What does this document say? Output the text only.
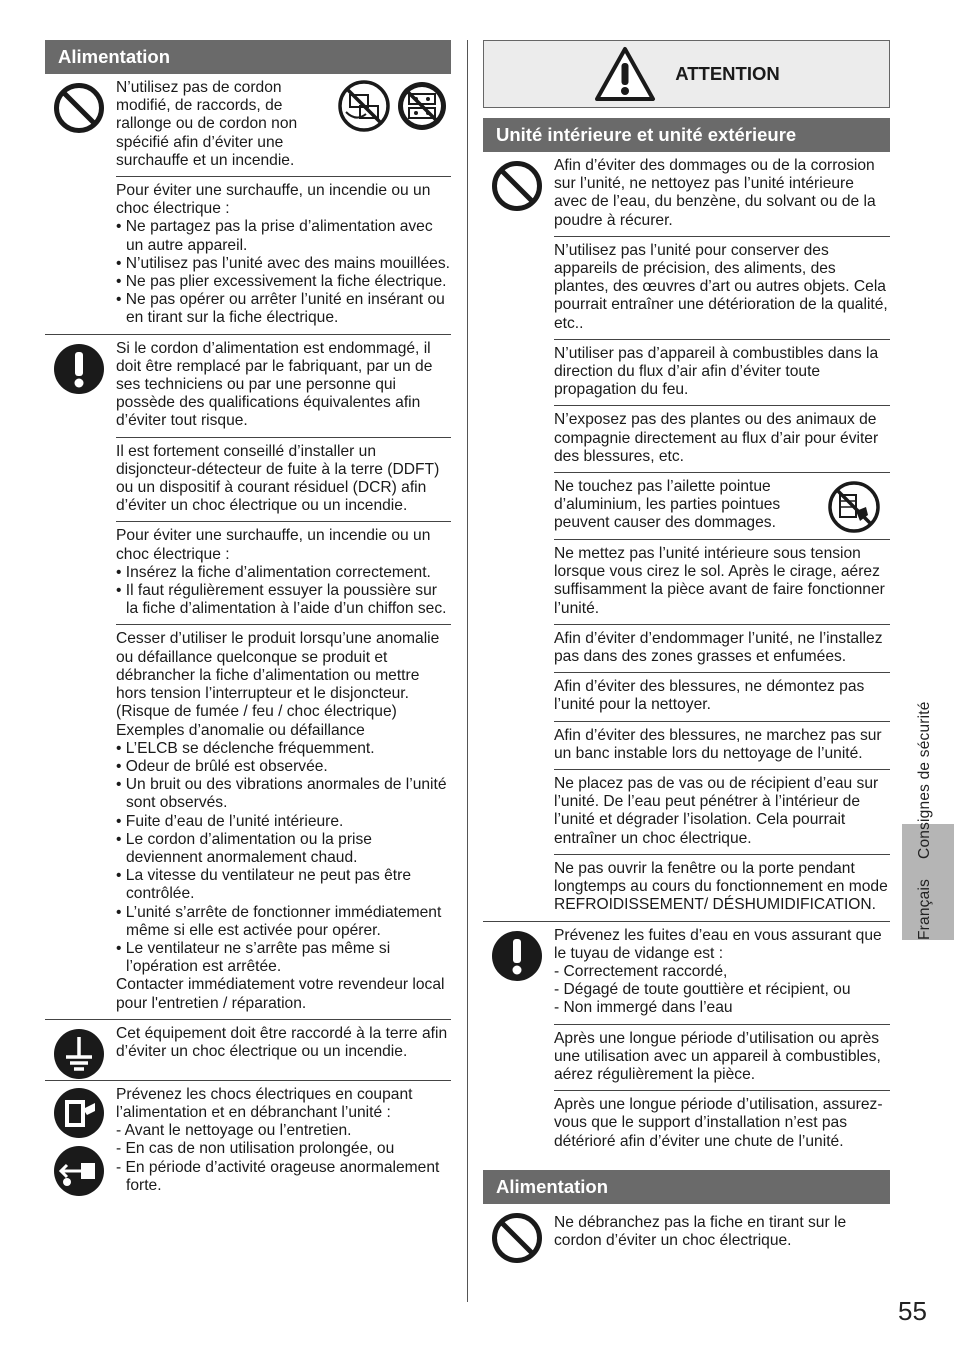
Alimentation
N’utilisez pas de cordon modifié, de raccords, de rallonge ou de cordon non spécifié afin d’éviter une surchauffe et un incendie.
Pour éviter une surchauffe, un incendie ou un choc électrique :
• Ne partagez pas la prise d’alimentation avec un autre appareil.
• N’utilisez pas l’unité avec des mains mouillées.
• Ne pas plier excessivement la fiche électrique.
• Ne pas opérer ou arrêter l’unité en insérant ou en tirant sur la fiche électrique.
Si le cordon d’alimentation est endommagé, il doit être remplacé par le fabriquant, par un de ses techniciens ou par une personne qui possède des qualifications équivalentes afin d’éviter tout risque.
Il est fortement conseillé d’installer un disjoncteur-détecteur de fuite à la terre (DDFT) ou un dispositif à courant résiduel (DCR) afin d’éviter un choc électrique ou un incendie.
Pour éviter une surchauffe, un incendie ou un choc électrique :
• Insérez la fiche d’alimentation correctement.
• Il faut régulièrement essuyer la poussière sur la fiche d’alimentation à l’aide d’un chiffon sec.
Cesser d’utiliser le produit lorsqu’une anomalie ou défaillance quelconque se produit et débrancher la fiche d’alimentation ou mettre hors tension l’interrupteur et le disjoncteur.
(Risque de fumée / feu / choc électrique)
Exemples d’anomalie ou défaillance
• L’ELCB se déclenche fréquemment.
• Odeur de brûlé est observée.
• Un bruit ou des vibrations anormales de l’unité sont observés.
• Fuite d’eau de l’unité intérieure.
• Le cordon d’alimentation ou la prise deviennent anormalement chaud.
• La vitesse du ventilateur ne peut pas être contrôlée.
• L’unité s’arrête de fonctionner immédiatement même si elle est activée pour opérer.
• Le ventilateur ne s’arrête pas même si l’opération est arrêtée.
Contacter immédiatement votre revendeur local pour l'entretien / réparation.
Cet équipement doit être raccordé à la terre afin d’éviter un choc électrique ou un incendie.
Prévenez les chocs électriques en coupant l’alimentation et en débranchant l’unité :
- Avant le nettoyage ou l’entretien.
- En cas de non utilisation prolongée, ou
- En période d’activité orageuse anormalement forte.
ATTENTION
Unité intérieure et unité extérieure
Afin d’éviter des dommages ou de la corrosion sur l’unité, ne nettoyez pas l’unité intérieure avec de l’eau, du benzène, du solvant ou de la poudre à récurer.
N’utilisez pas l’unité pour conserver des appareils de précision, des aliments, des plantes, des œuvres d’art ou autres objets. Cela pourrait entraîner une détérioration de la qualité, etc..
N’utiliser pas d’appareil à combustibles dans la direction du flux d’air afin d’éviter toute propagation du feu.
N’exposez pas des plantes ou des animaux de compagnie directement au flux d’air pour éviter des blessures, etc.
Ne touchez pas l’ailette pointue d’aluminium, les parties pointues peuvent causer des dommages.
Ne mettez pas l’unité intérieure sous tension lorsque vous cirez le sol. Après le cirage, aérez suffisamment la pièce avant de faire fonctionner l’unité.
Afin d’éviter d’endommager l’unité, ne l’installez pas dans des zones grasses et enfumées.
Afin d’éviter des blessures, ne démontez pas l’unité pour la nettoyer.
Afin d’éviter des blessures, ne marchez pas sur un banc instable lors du nettoyage de l’unité.
Ne placez pas de vas ou de récipient d’eau sur l’unité. De l’eau peut pénétrer à l’intérieur de l’unité et dégrader l’isolation. Cela pourrait entraîner un choc électrique.
Ne pas ouvrir la fenêtre ou la porte pendant longtemps au cours du fonctionnement en mode REFROIDISSEMENT/ DÉSHUMIDIFICATION.
Prévenez les fuites d’eau en vous assurant que le tuyau de vidange est :
- Correctement raccordé,
- Dégagé de toute gouttière et récipient, ou
- Non immergé dans l’eau
Après une longue période d’utilisation ou après une utilisation avec un appareil à combustibles, aérez régulièrement la pièce.
Après une longue période d’utilisation, assurez-vous que le support d’installation n’est pas détérioré afin d’éviter une chute de l’unité.
Alimentation
Ne débranchez pas la fiche en tirant sur le cordon d’éviter un choc électrique.
FrançaisConsignes de sécurité
55
